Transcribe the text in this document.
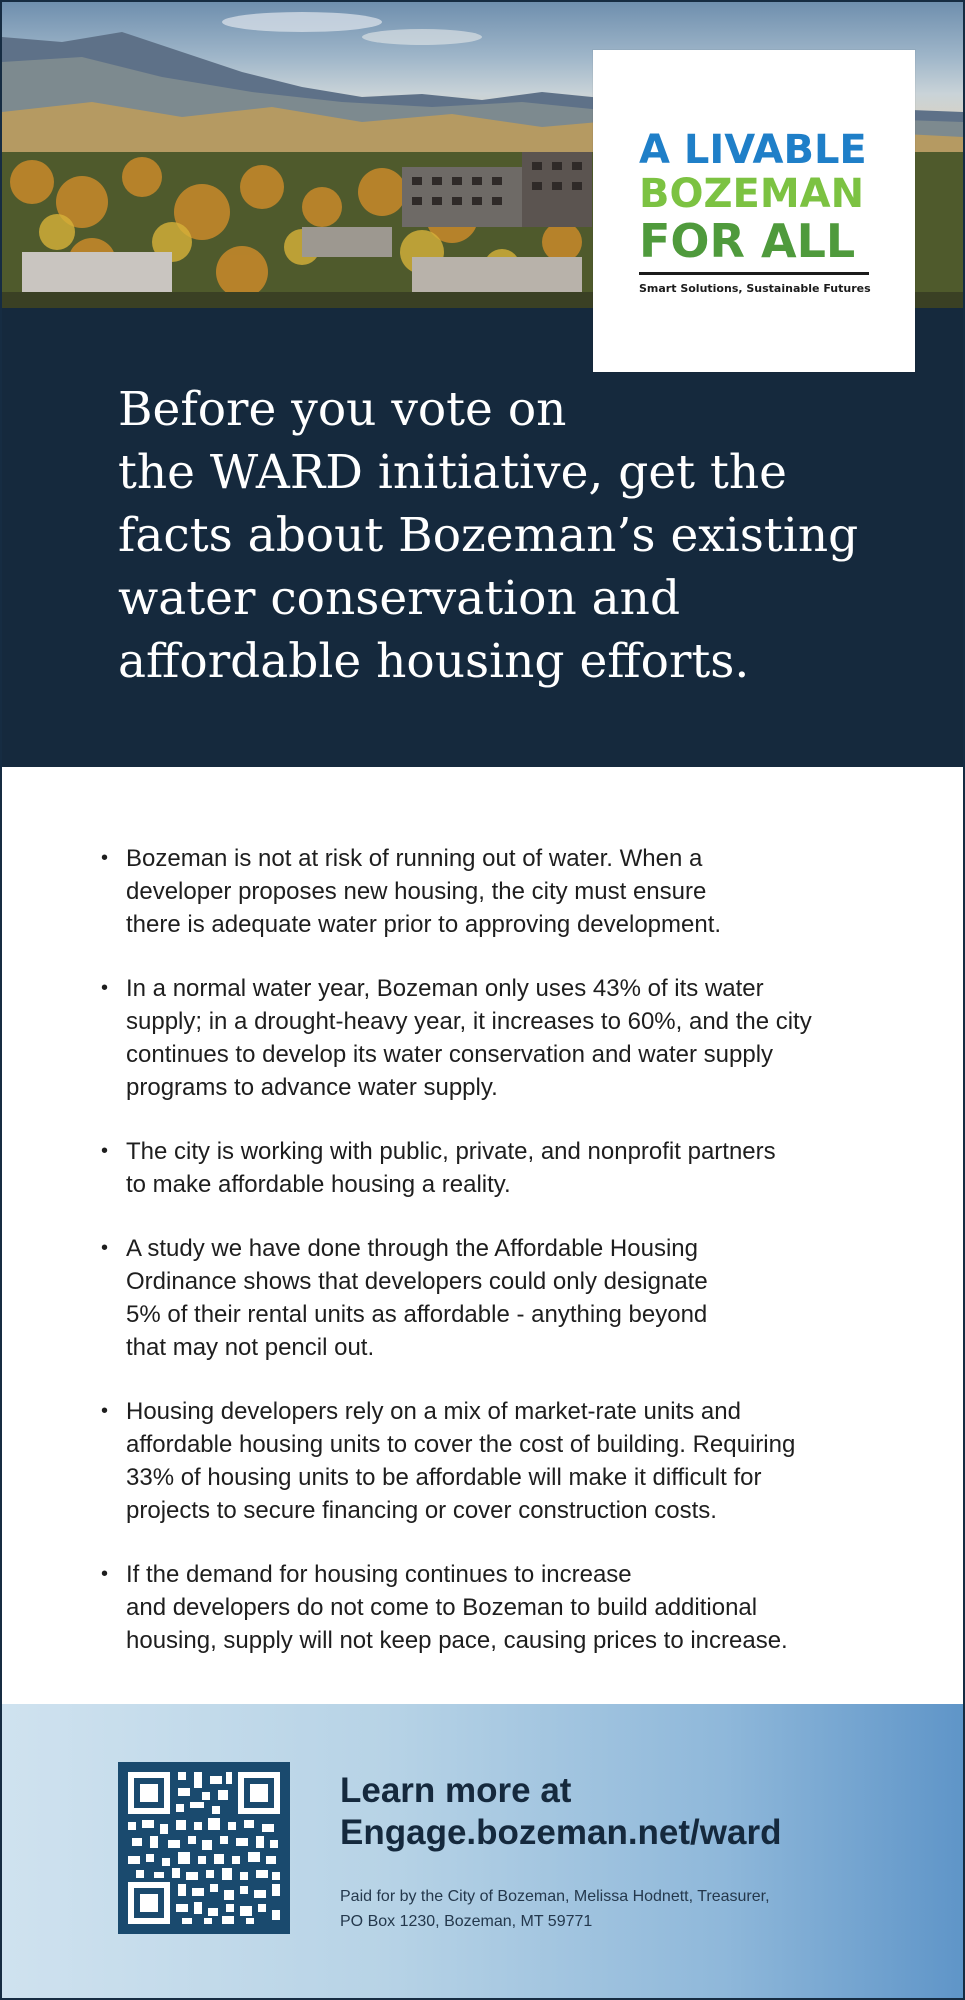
A LIVABLE
BOZEMAN
FOR ALL
Smart Solutions, Sustainable Futures
Before you vote on
the WARD initiative, get the
facts about Bozeman’s existing
water conservation and
affordable housing efforts.
• Bozeman is not at risk of running out of water. When a
developer proposes new housing, the city must ensure
there is adequate water prior to approving development.
• In a normal water year, Bozeman only uses 43% of its water
supply; in a drought-heavy year, it increases to 60%, and the city
continues to develop its water conservation and water supply
programs to advance water supply.
• The city is working with public, private, and nonprofit partners
to make affordable housing a reality.
• A study we have done through the Affordable Housing
Ordinance shows that developers could only designate
5% of their rental units as affordable - anything beyond
that may not pencil out.
• Housing developers rely on a mix of market-rate units and
affordable housing units to cover the cost of building. Requiring
33% of housing units to be affordable will make it difficult for
projects to secure financing or cover construction costs.
• If the demand for housing continues to increase
and developers do not come to Bozeman to build additional
housing, supply will not keep pace, causing prices to increase.
Learn more at
Engage.bozeman.net/ward
Paid for by the City of Bozeman, Melissa Hodnett, Treasurer,
PO Box 1230, Bozeman, MT 59771
